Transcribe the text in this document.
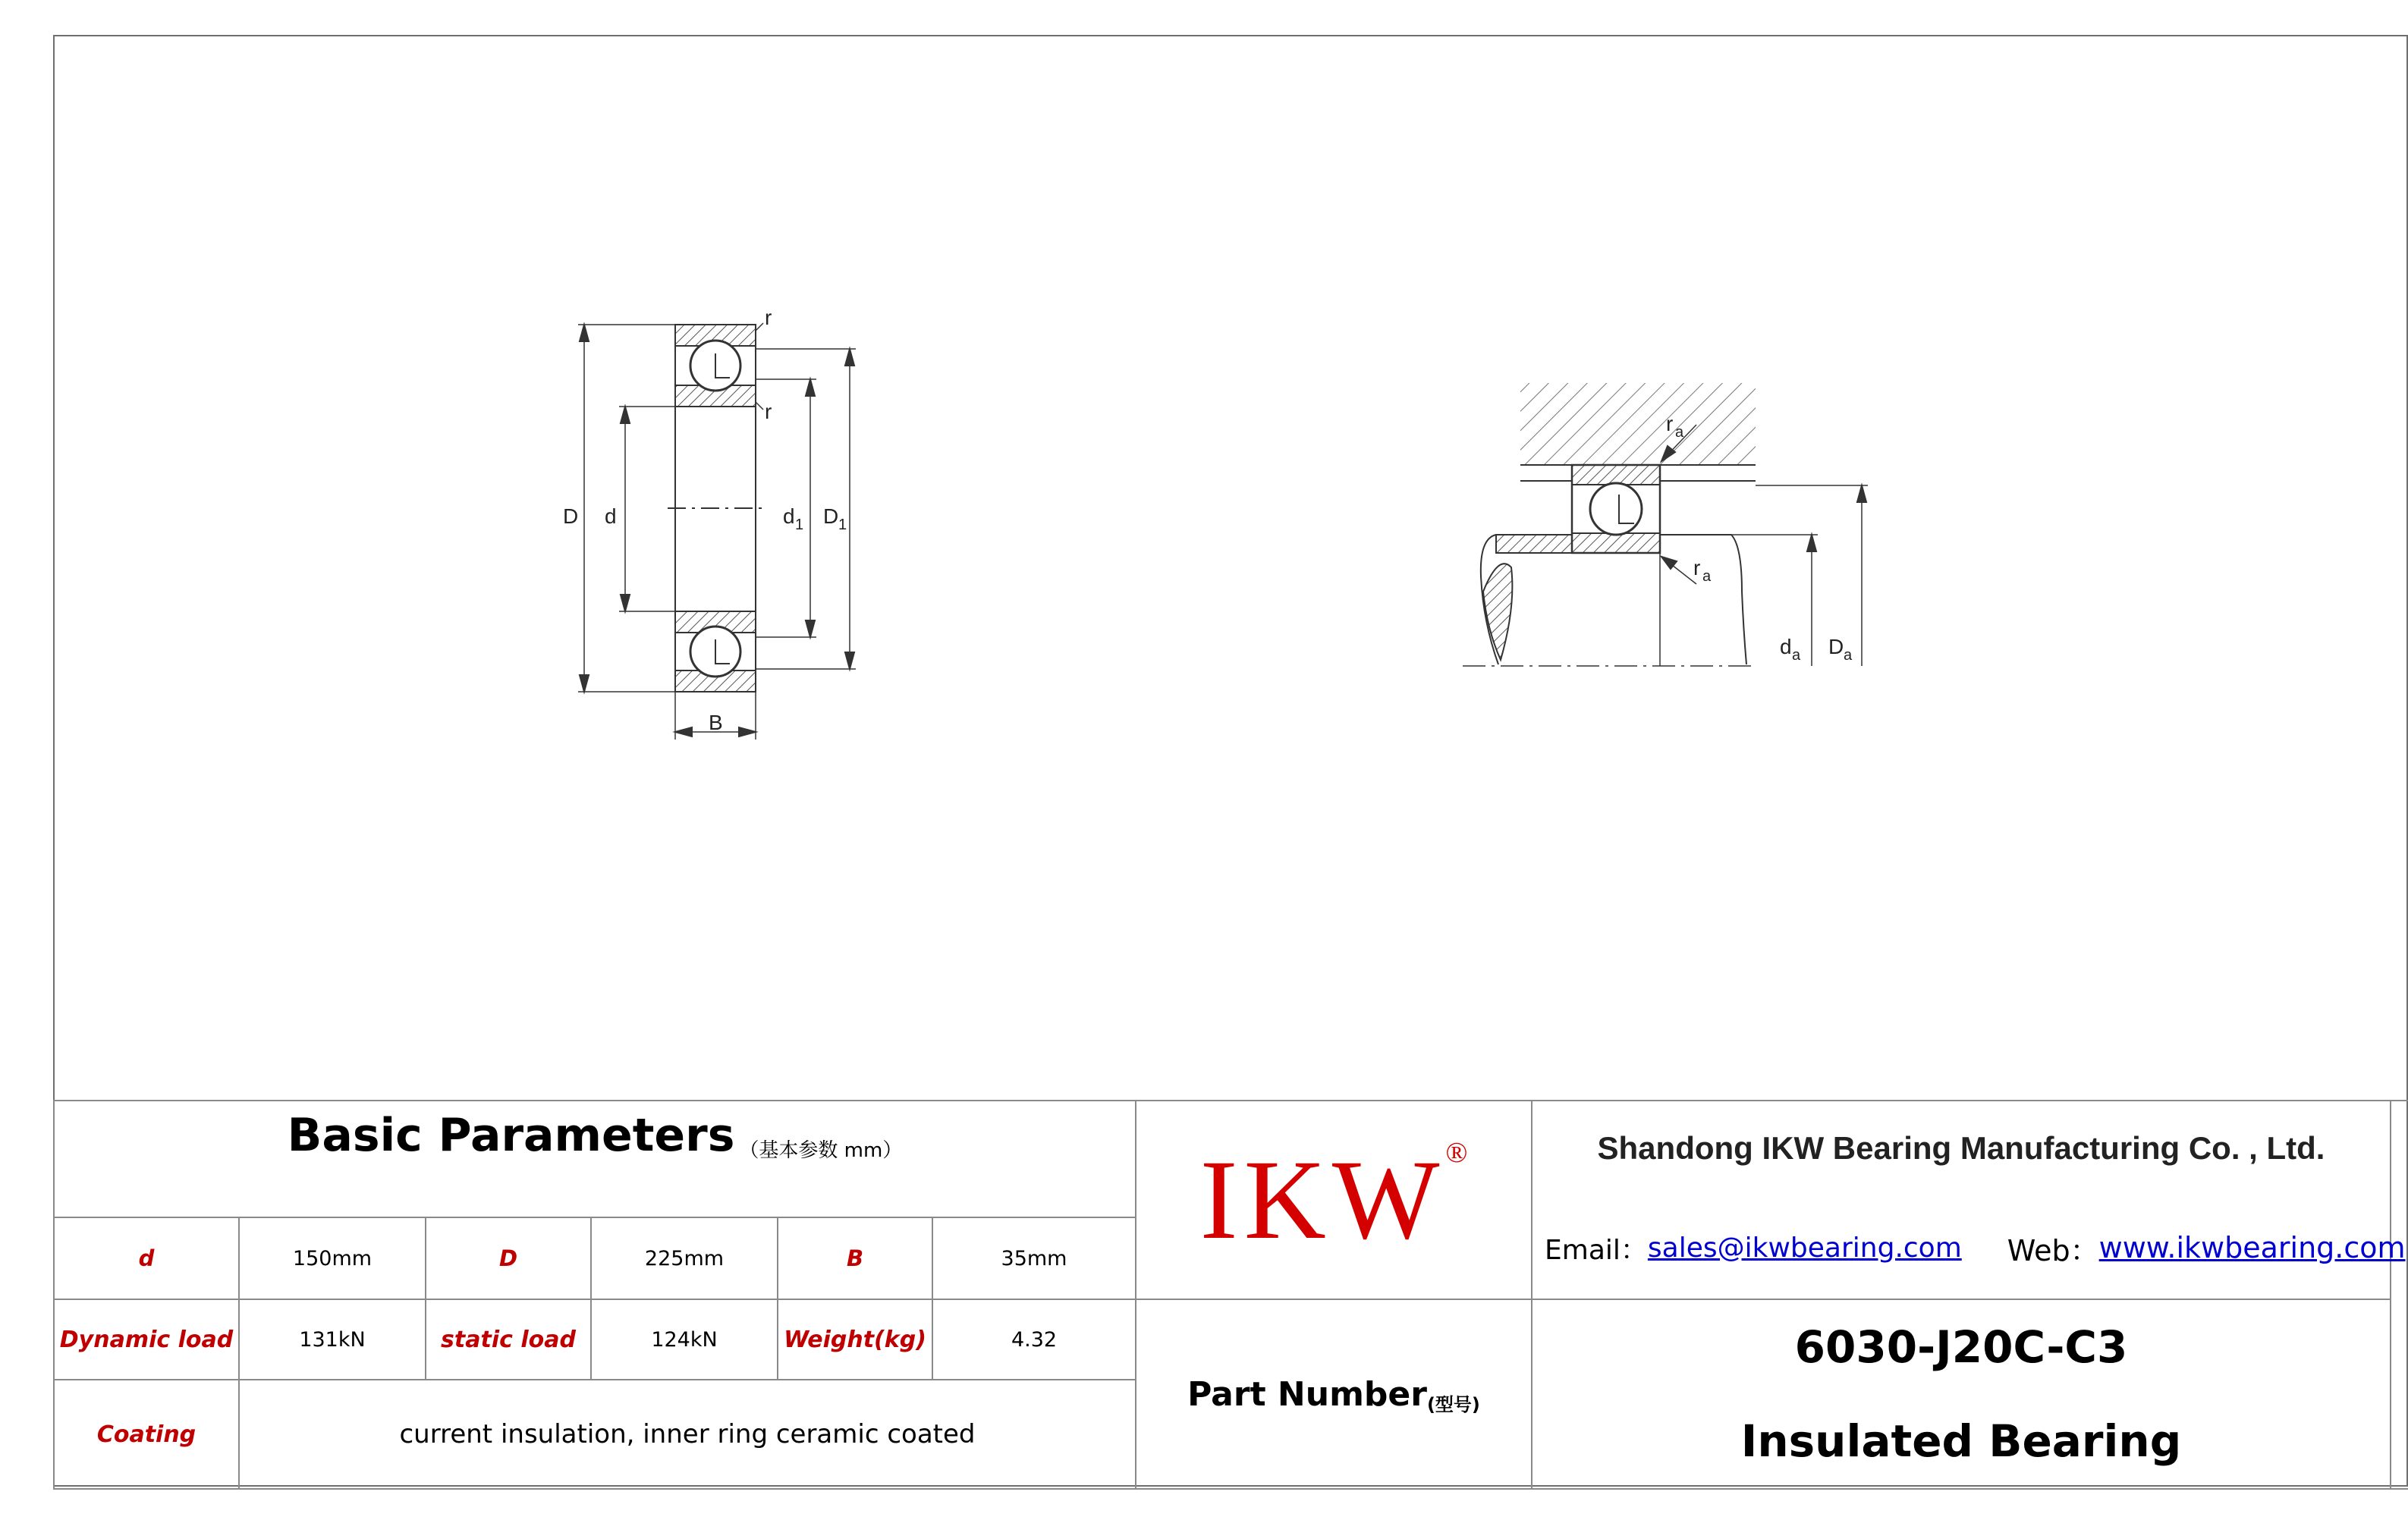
D d	d 1 D 1
B
r
r
r a
r a
d a D a
Basic Parameters （基本参数 mm）
d	150mm	D	225mm	B	35mm
Dynamic load	131kN	static load	124kN	Weight(kg)	4.32
Coating	current insulation, inner ring ceramic coated
IKW ®
Part Number (型号)
Shandong IKW Bearing Manufacturing Co. , Ltd.
Email： sales@ikwbearing.com Web： www.ikwbearing.com
6030-J20C-C3
Insulated Bearing
